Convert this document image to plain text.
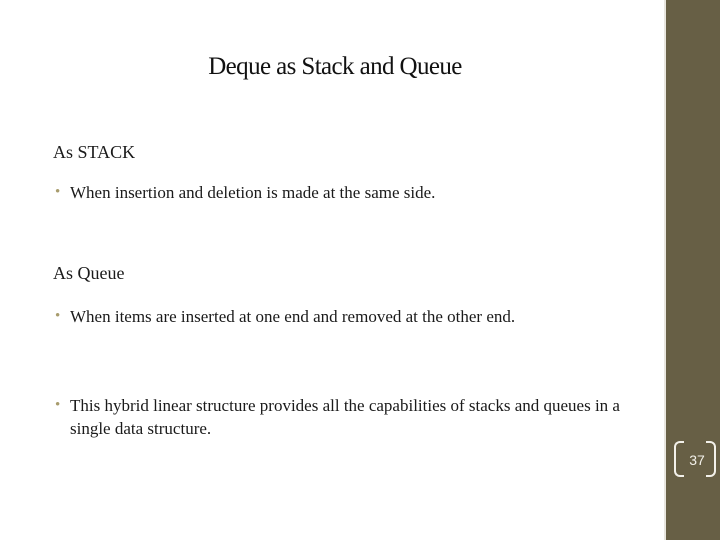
Deque as Stack and Queue
As STACK
• When insertion and deletion is made at the same side.
As Queue
• When items are inserted at one end and removed at the other end.
• This hybrid linear structure provides all the capabilities of stacks and queues in a single data structure.
37
